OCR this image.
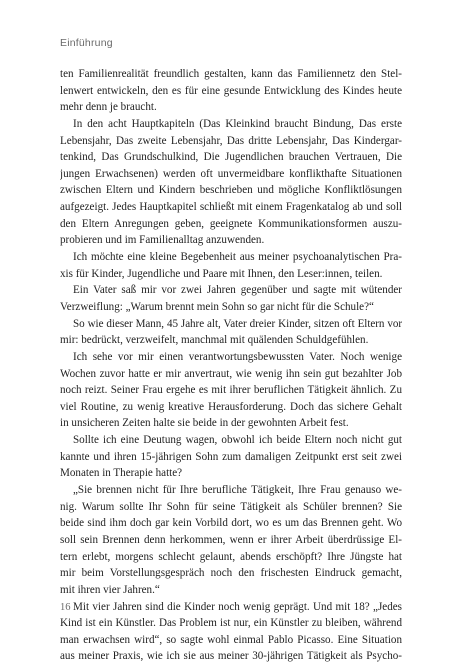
Einführung
ten Familienrealität freundlich gestalten, kann das Familiennetz den Stel-
lenwert entwickeln, den es für eine gesunde Entwicklung des Kindes heute
mehr denn je braucht.
In den acht Hauptkapiteln (Das Kleinkind braucht Bindung, Das erste
Lebensjahr, Das zweite Lebensjahr, Das dritte Lebensjahr, Das Kindergar-
tenkind, Das Grundschulkind, Die Jugendlichen brauchen Vertrauen, Die
jungen Erwachsenen) werden oft unvermeidbare konflikthafte Situationen
zwischen Eltern und Kindern beschrieben und mögliche Konfliktlösungen
aufgezeigt. Jedes Hauptkapitel schließt mit einem Fragenkatalog ab und soll
den Eltern Anregungen geben, geeignete Kommunikationsformen auszu-
probieren und im Familienalltag anzuwenden.
Ich möchte eine kleine Begebenheit aus meiner psychoanalytischen Pra-
xis für Kinder, Jugendliche und Paare mit Ihnen, den Leser:innen, teilen.
Ein Vater saß mir vor zwei Jahren gegenüber und sagte mit wütender
Verzweiflung: „Warum brennt mein Sohn so gar nicht für die Schule?“
So wie dieser Mann, 45 Jahre alt, Vater dreier Kinder, sitzen oft Eltern vor
mir: bedrückt, verzweifelt, manchmal mit quälenden Schuldgefühlen.
Ich sehe vor mir einen verantwortungsbewussten Vater. Noch wenige
Wochen zuvor hatte er mir anvertraut, wie wenig ihn sein gut bezahlter Job
noch reizt. Seiner Frau ergehe es mit ihrer beruflichen Tätigkeit ähnlich. Zu
viel Routine, zu wenig kreative Herausforderung. Doch das sichere Gehalt
in unsicheren Zeiten halte sie beide in der gewohnten Arbeit fest.
Sollte ich eine Deutung wagen, obwohl ich beide Eltern noch nicht gut
kannte und ihren 15-jährigen Sohn zum damaligen Zeitpunkt erst seit zwei
Monaten in Therapie hatte?
„Sie brennen nicht für Ihre berufliche Tätigkeit, Ihre Frau genauso we-
nig. Warum sollte Ihr Sohn für seine Tätigkeit als Schüler brennen? Sie
beide sind ihm doch gar kein Vorbild dort, wo es um das Brennen geht. Wo
soll sein Brennen denn herkommen, wenn er ihrer Arbeit überdrüssige El-
tern erlebt, morgens schlecht gelaunt, abends erschöpft? Ihre Jüngste hat
mir beim Vorstellungsgespräch noch den frischesten Eindruck gemacht,
mit ihren vier Jahren.“
Mit vier Jahren sind die Kinder noch wenig geprägt. Und mit 18? „Jedes
Kind ist ein Künstler. Das Problem ist nur, ein Künstler zu bleiben, während
man erwachsen wird“, so sagte wohl einmal Pablo Picasso. Eine Situation
aus meiner Praxis, wie ich sie aus meiner 30-jährigen Tätigkeit als Psycho-
16
